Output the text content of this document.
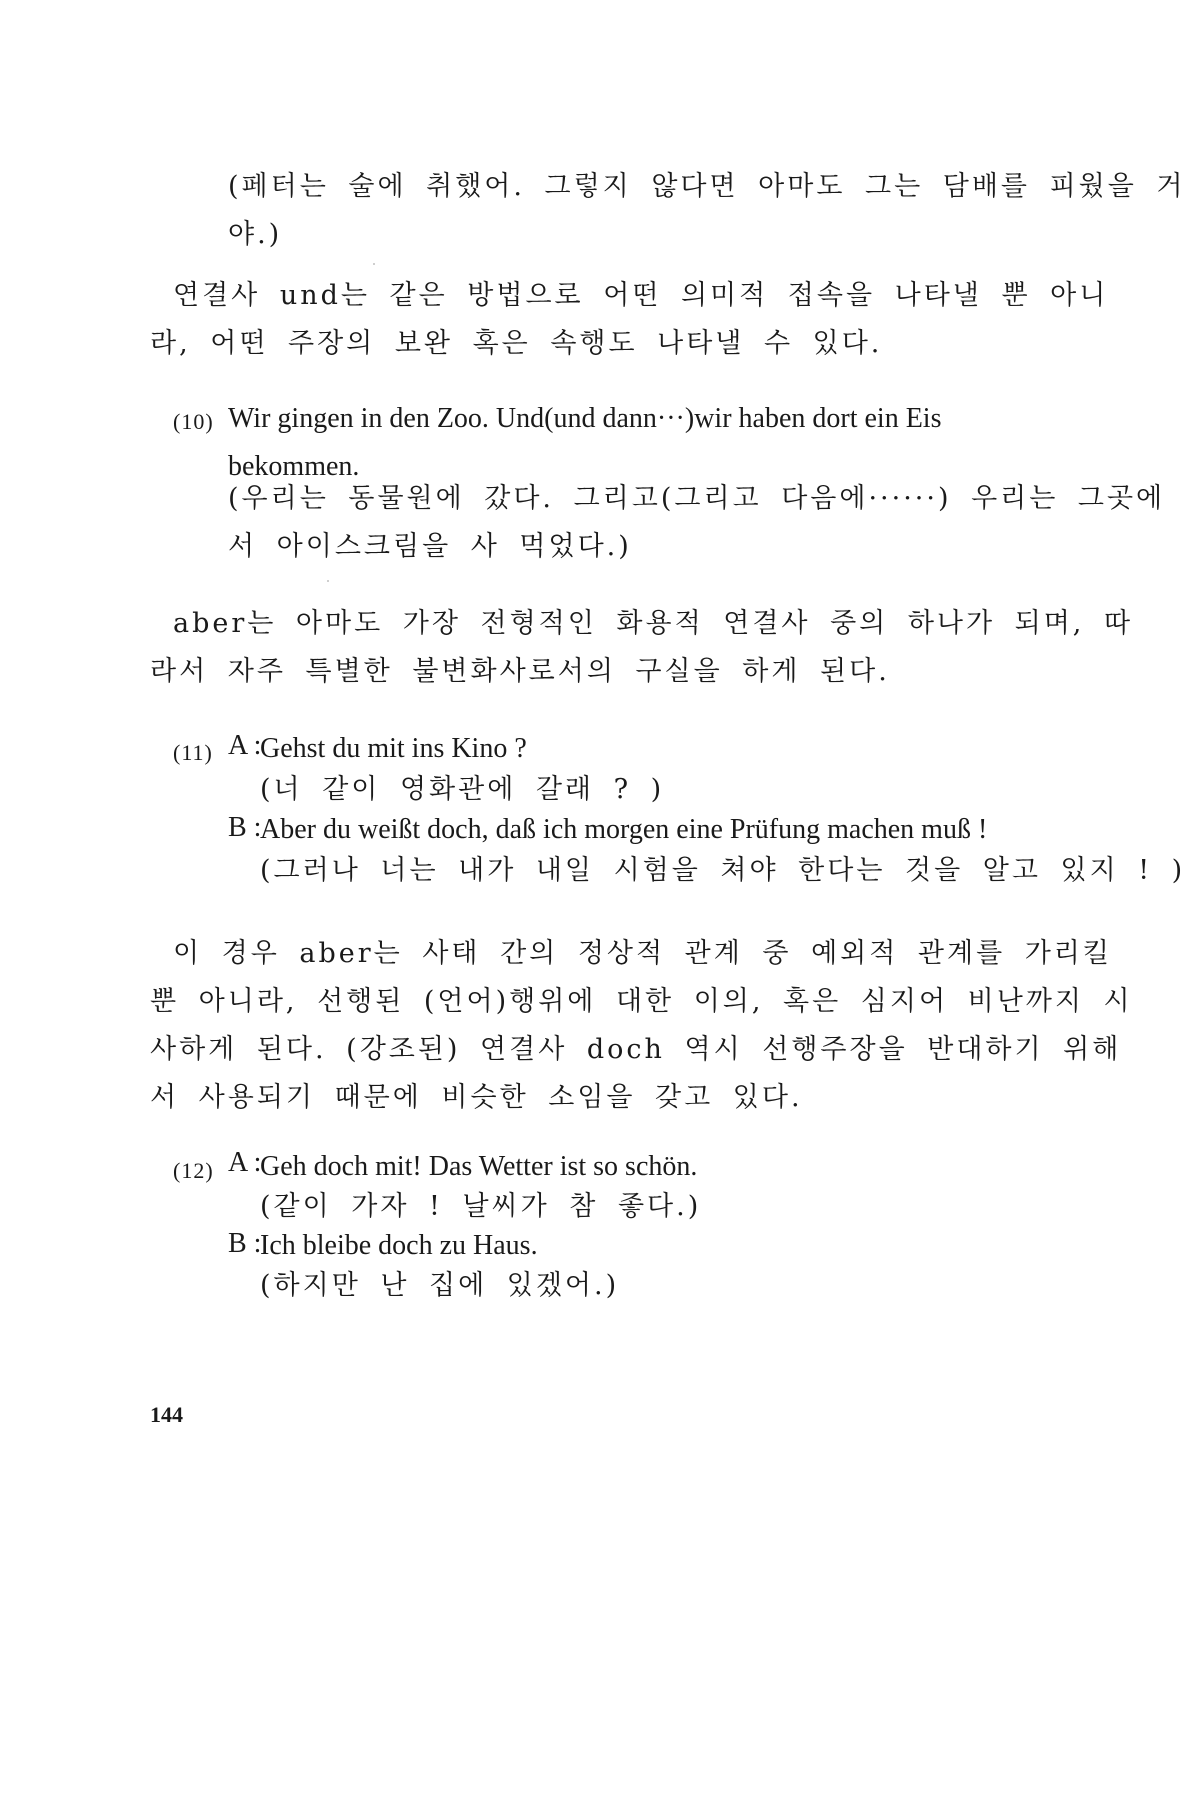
(페터는 술에 취했어. 그렇지 않다면 아마도 그는 담배를 피웠을 거
야.)
연결사 und는 같은 방법으로 어떤 의미적 접속을 나타낼 뿐 아니
라, 어떤 주장의 보완 혹은 속행도 나타낼 수 있다.
(10) Wir gingen in den Zoo. Und(und dann···)wir haben dort ein Eis
bekommen.
(우리는 동물원에 갔다. 그리고(그리고 다음에······) 우리는 그곳에
서 아이스크림을 사 먹었다.)
aber는 아마도 가장 전형적인 화용적 연결사 중의 하나가 되며, 따
라서 자주 특별한 불변화사로서의 구실을 하게 된다.
(11) A :
Gehst du mit ins Kino ?
(너 같이 영화관에 갈래 ? )
B :
Aber du weißt doch, daß ich morgen eine Prüfung machen muß !
(그러나 너는 내가 내일 시험을 쳐야 한다는 것을 알고 있지 ! )
이 경우 aber는 사태 간의 정상적 관계 중 예외적 관계를 가리킬
뿐 아니라, 선행된 (언어)행위에 대한 이의, 혹은 심지어 비난까지 시
사하게 된다. (강조된) 연결사 doch 역시 선행주장을 반대하기 위해
서 사용되기 때문에 비슷한 소임을 갖고 있다.
(12) A :
Geh doch mit! Das Wetter ist so schön.
(같이 가자 ! 날씨가 참 좋다.)
B :
Ich bleibe doch zu Haus.
(하지만 난 집에 있겠어.)
144
